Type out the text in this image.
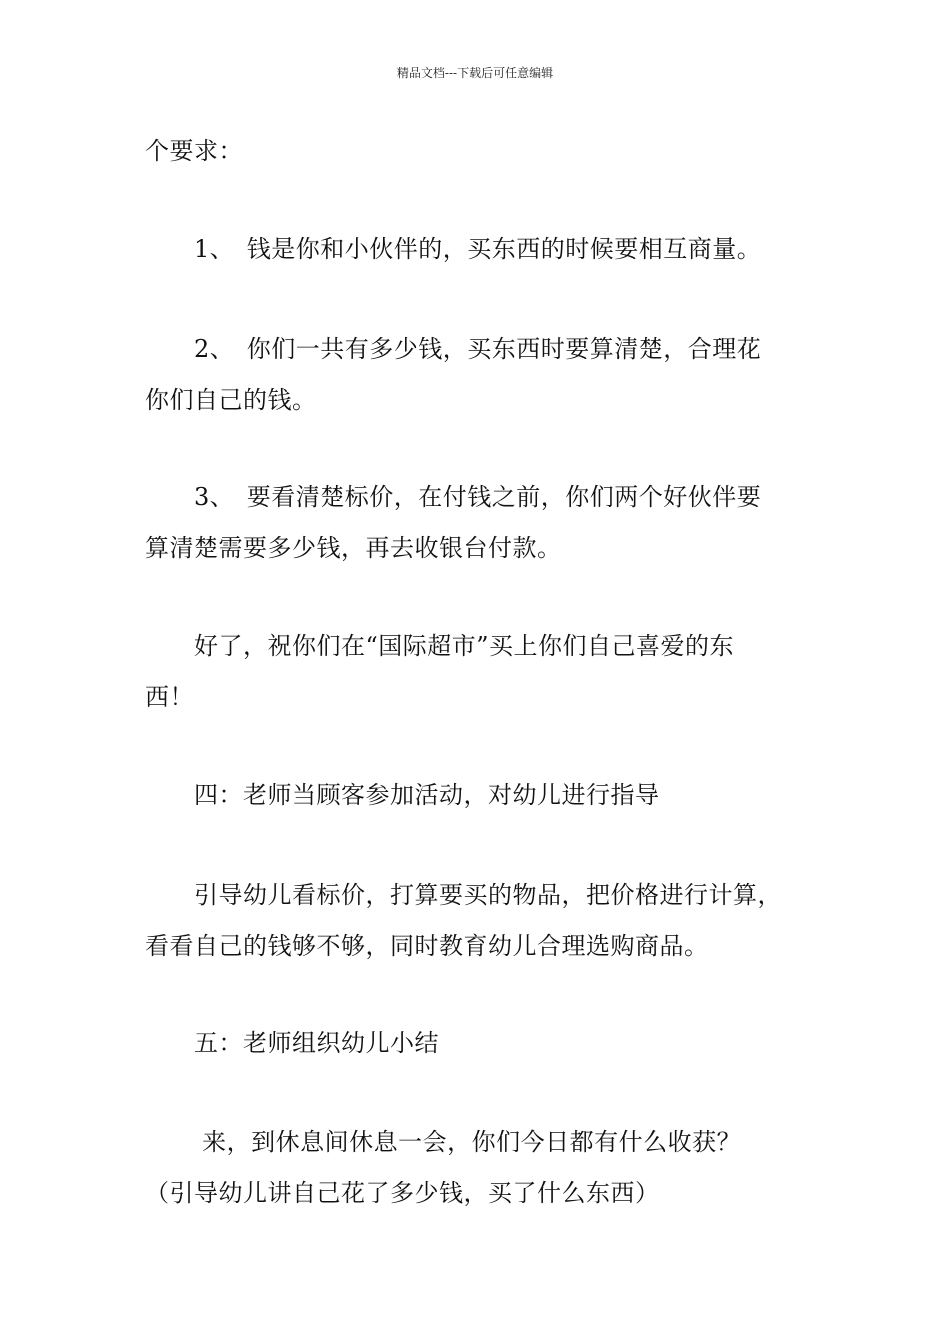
精品文档---下载后可任意编辑
个要求：
　　1、　钱是你和小伙伴的，买东西的时候要相互商量。
　　2、　你们一共有多少钱，买东西时要算清楚，合理花
你们自己的钱。
　　3、　要看清楚标价，在付钱之前，你们两个好伙伴要
算清楚需要多少钱，再去收银台付款。
　　好了，祝你们在“国际超市”买上你们自己喜爱的东
西！
　　四：老师当顾客参加活动，对幼儿进行指导
　　引导幼儿看标价，打算要买的物品，把价格进行计算，
看看自己的钱够不够，同时教育幼儿合理选购商品。
　　五：老师组织幼儿小结
　　 来，到休息间休息一会，你们今日都有什么收获？
（引导幼儿讲自己花了多少钱，买了什么东西）
